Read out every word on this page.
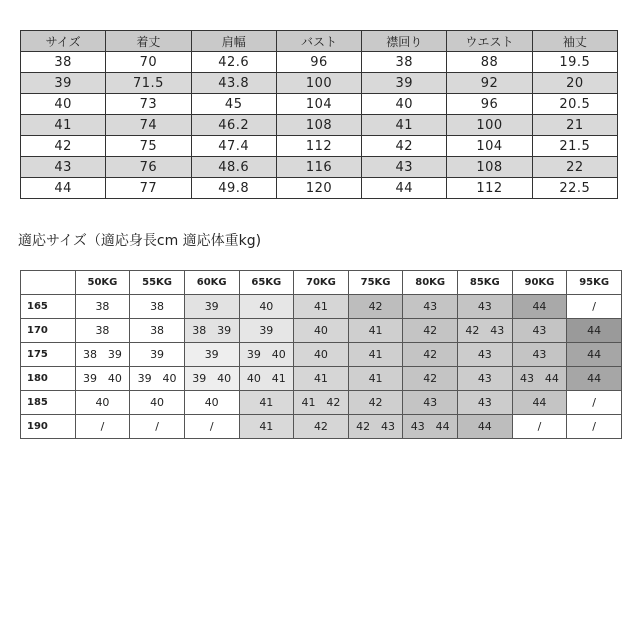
サイズ	着丈	肩幅	バスト	襟回り	ウエスト	袖丈
38	70	42.6	96	38	88	19.5
39	71.5	43.8	100	39	92	20
40	73	45	104	40	96	20.5
41	74	46.2	108	41	100	21
42	75	47.4	112	42	104	21.5
43	76	48.6	116	43	108	22
44	77	49.8	120	44	112	22.5
適応サイズ（適応身長cm 適応体重kg)
	50KG	55KG	60KG	65KG	70KG	75KG	80KG	85KG	90KG	95KG
165	38	38	39	40	41	42	43	43	44	/
170	38	38	38 39	39	40	41	42	42 43	43	44
175	38 39	39	39	39 40	40	41	42	43	43	44
180	39 40	39 40	39 40	40 41	41	41	42	43	43 44	44
185	40	40	40	41	41 42	42	43	43	44	/
190	/	/	/	41	42	42 43	43 44	44	/	/
